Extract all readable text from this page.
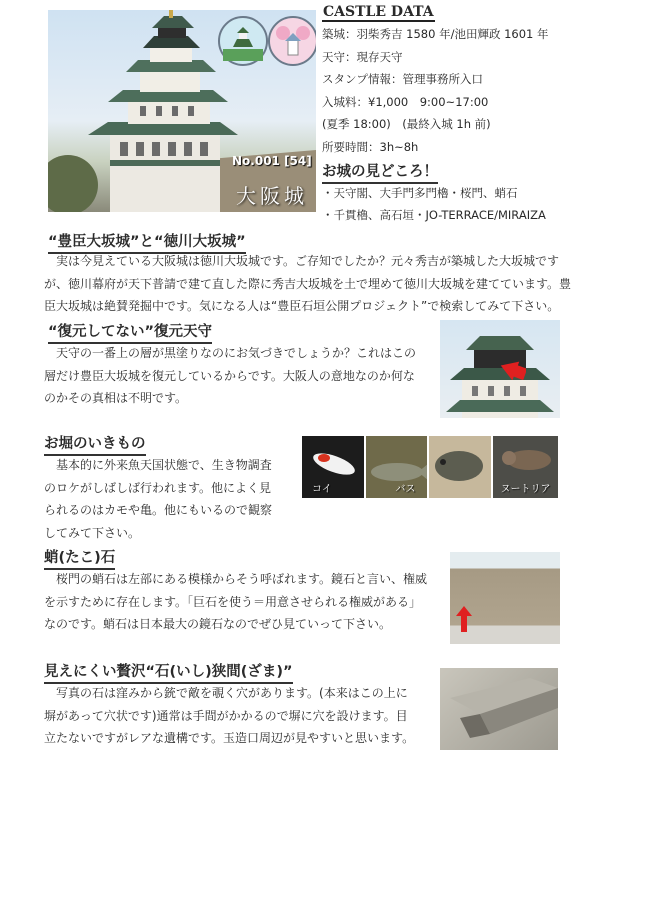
No.001 [54]
大阪城
CASTLE DATA
築城：羽柴秀吉 1580 年/池田輝政 1601 年
天守：現存天守
スタンプ情報：管理事務所入口
入城料：¥1,000　9:00~17:00
(夏季 18:00)　(最終入城 1h 前)
所要時間：3h~8h
お城の見どころ！
・天守閣、大手門多門櫓・桜門、蛸石
・千貫櫓、高石垣・JO-TERRACE/MIRAIZA
“豊臣大坂城”と“徳川大坂城”
　実は今見えている大阪城は徳川大坂城です。ご存知でしたか？元々秀吉が築城した大坂城です
が、徳川幕府が天下普請で建て直した際に秀吉大坂城を土で埋めて徳川大坂城を建てています。豊
臣大坂城は絶賛発掘中です。気になる人は“豊臣石垣公開プロジェクト”で検索してみて下さい。
“復元してない”復元天守
　天守の一番上の層が黒塗りなのにお気づきでしょうか？これはこの
層だけ豊臣大坂城を復元しているからです。大阪人の意地なのか何な
のかその真相は不明です。
お堀のいきもの
　基本的に外来魚天国状態で、生き物調査
のロケがしばしば行われます。他によく見
られるのはカモや亀。他にもいるので観察
してみて下さい。
コイ	バス	ヌートリア
蛸(たこ)石
　桜門の蛸石は左部にある模様からそう呼ばれます。鏡石と言い、権威
を示すために存在します。「巨石を使う＝用意させられる権威がある」
なのです。蛸石は日本最大の鏡石なのでぜひ見ていって下さい。
見えにくい贅沢“石(いし)狭間(ざま)”
　写真の石は窪みから銃で敵を覗く穴があります。(本来はこの上に
塀があって穴状です)通常は手間がかかるので塀に穴を設けます。目
立たないですがレアな遺構です。玉造口周辺が見やすいと思います。
